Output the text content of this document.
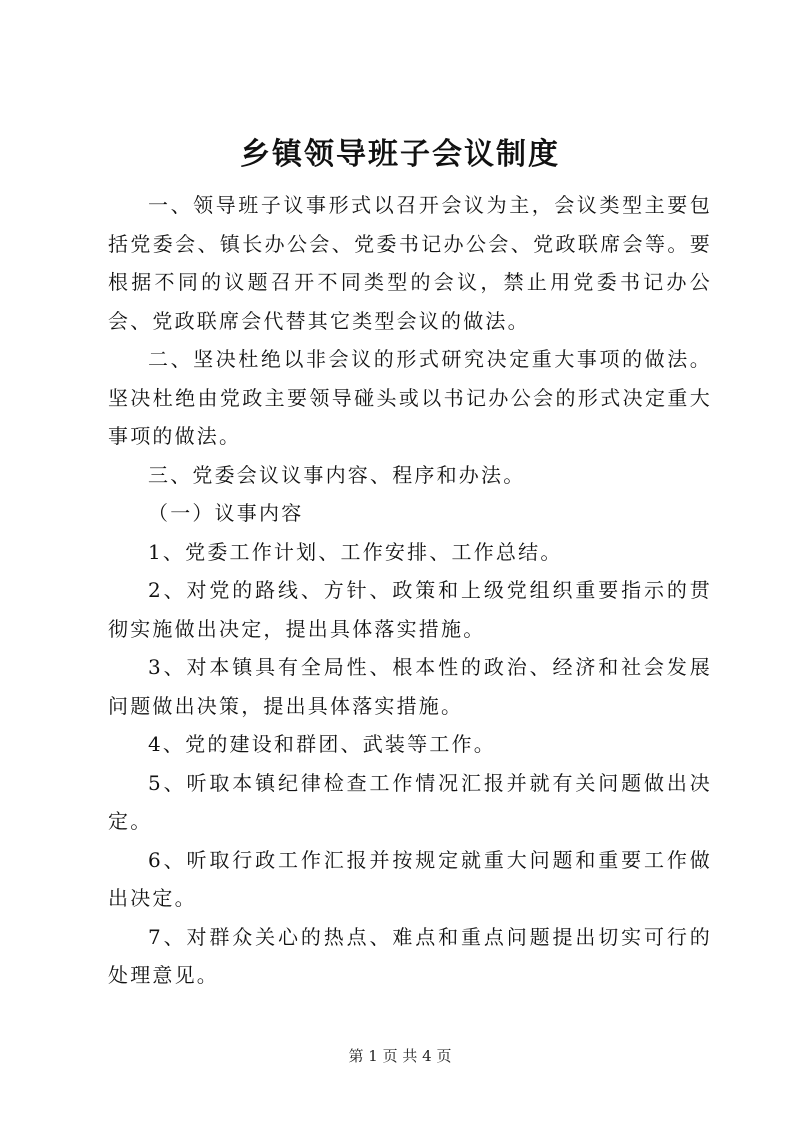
乡镇领导班子会议制度

一、领导班子议事形式以召开会议为主，会议类型主要包括党委会、镇长办公会、党委书记办公会、党政联席会等。要根据不同的议题召开不同类型的会议，禁止用党委书记办公会、党政联席会代替其它类型会议的做法。

二、坚决杜绝以非会议的形式研究决定重大事项的做法。坚决杜绝由党政主要领导碰头或以书记办公会的形式决定重大事项的做法。

三、党委会议议事内容、程序和办法。

（一）议事内容

1、党委工作计划、工作安排、工作总结。

2、对党的路线、方针、政策和上级党组织重要指示的贯彻实施做出决定，提出具体落实措施。

3、对本镇具有全局性、根本性的政治、经济和社会发展问题做出决策，提出具体落实措施。

4、党的建设和群团、武装等工作。

5、听取本镇纪律检查工作情况汇报并就有关问题做出决定。

6、听取行政工作汇报并按规定就重大问题和重要工作做出决定。

7、对群众关心的热点、难点和重点问题提出切实可行的处理意见。

第 1 页 共 4 页
